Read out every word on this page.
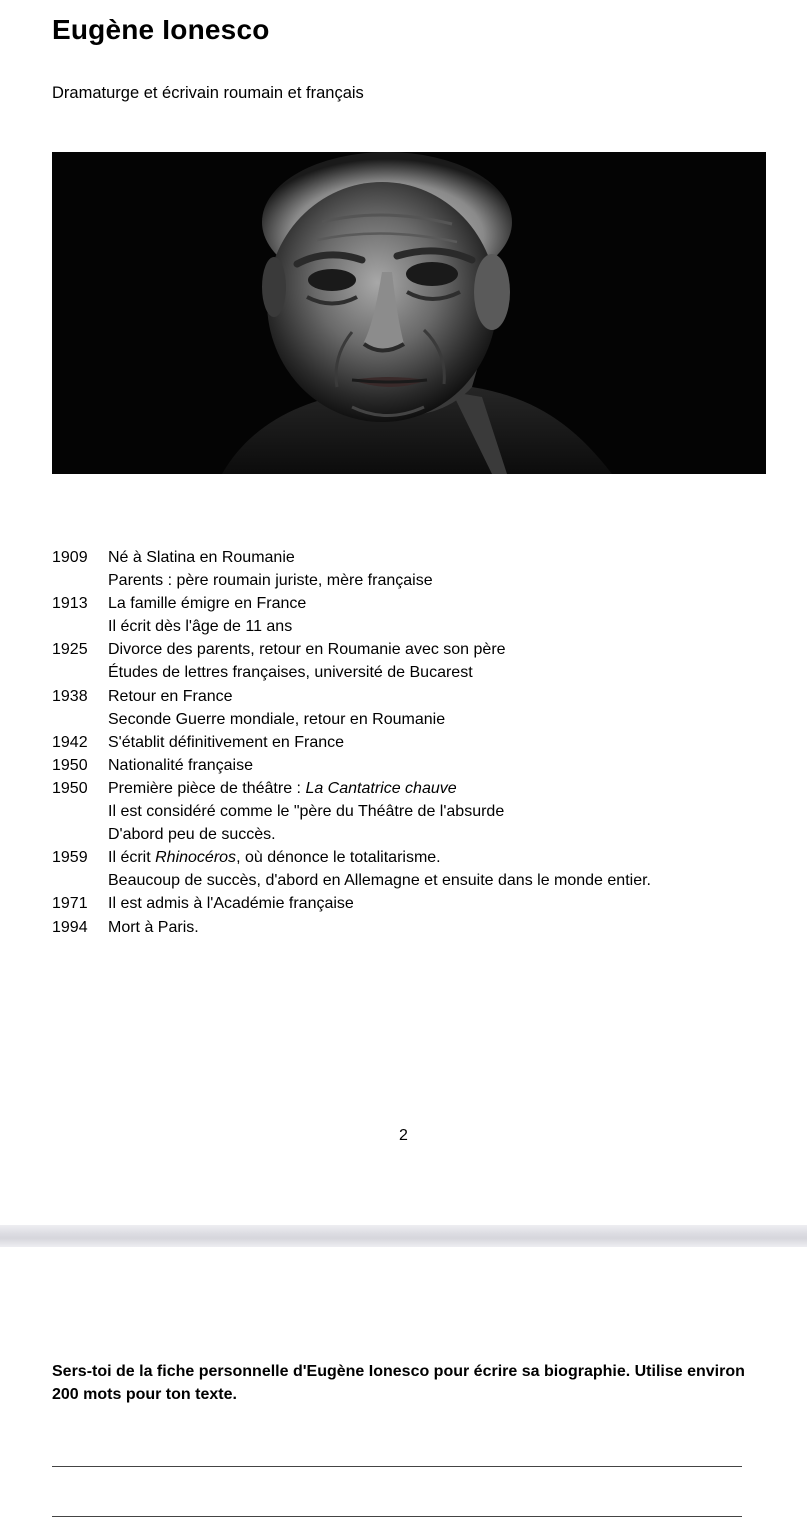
Eugène Ionesco
Dramaturge et écrivain roumain et français
1909	Né à Slatina en Roumanie
Parents : père roumain juriste, mère française
1913	La famille émigre en France
Il écrit dès l'âge de 11 ans
1925	Divorce des parents, retour en Roumanie avec son père
Études de lettres françaises, université de Bucarest
1938	Retour en France
Seconde Guerre mondiale, retour en Roumanie
1942	S'établit définitivement en France
1950	Nationalité française
1950	Première pièce de théâtre : La Cantatrice chauve
Il est considéré comme le "père du Théâtre de l'absurde
D'abord peu de succès.
1959	Il écrit Rhinocéros, où dénonce le totalitarisme.
Beaucoup de succès, d'abord en Allemagne et ensuite dans le monde entier.
1971	Il est admis à l'Académie française
1994	Mort à Paris.
2
Sers-toi de la fiche personnelle d'Eugène Ionesco pour écrire sa biographie. Utilise environ 200 mots pour ton texte.
